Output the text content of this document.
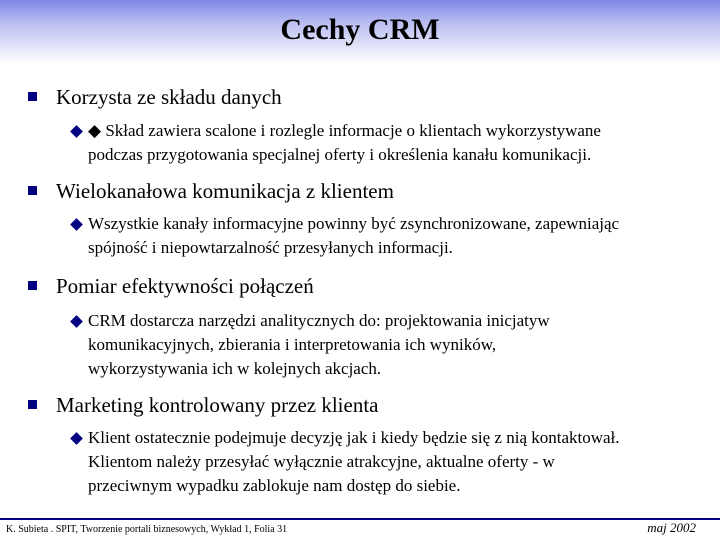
Cechy CRM
Korzysta ze składu danych
◆ Skład zawiera scalone i rozlegle informacje o klientach wykorzystywane
podczas przygotowania specjalnej oferty i określenia kanału komunikacji.
Wielokanałowa komunikacja z klientem
Wszystkie kanały informacyjne powinny być zsynchronizowane, zapewniając
spójność i niepowtarzalność przesyłanych informacji.
Pomiar efektywności połączeń
CRM dostarcza narzędzi analitycznych do: projektowania inicjatyw
komunikacyjnych, zbierania i interpretowania ich wyników,
wykorzystywania ich w kolejnych akcjach.
Marketing kontrolowany przez klienta
Klient ostatecznie podejmuje decyzję jak i kiedy będzie się z nią kontaktował.
Klientom należy przesyłać wyłącznie atrakcyjne, aktualne oferty - w
przeciwnym wypadku zablokuje nam dostęp do siebie.
K. Subieta . SPIT, Tworzenie portali biznesowych, Wykład 1, Folia 31	maj 2002
